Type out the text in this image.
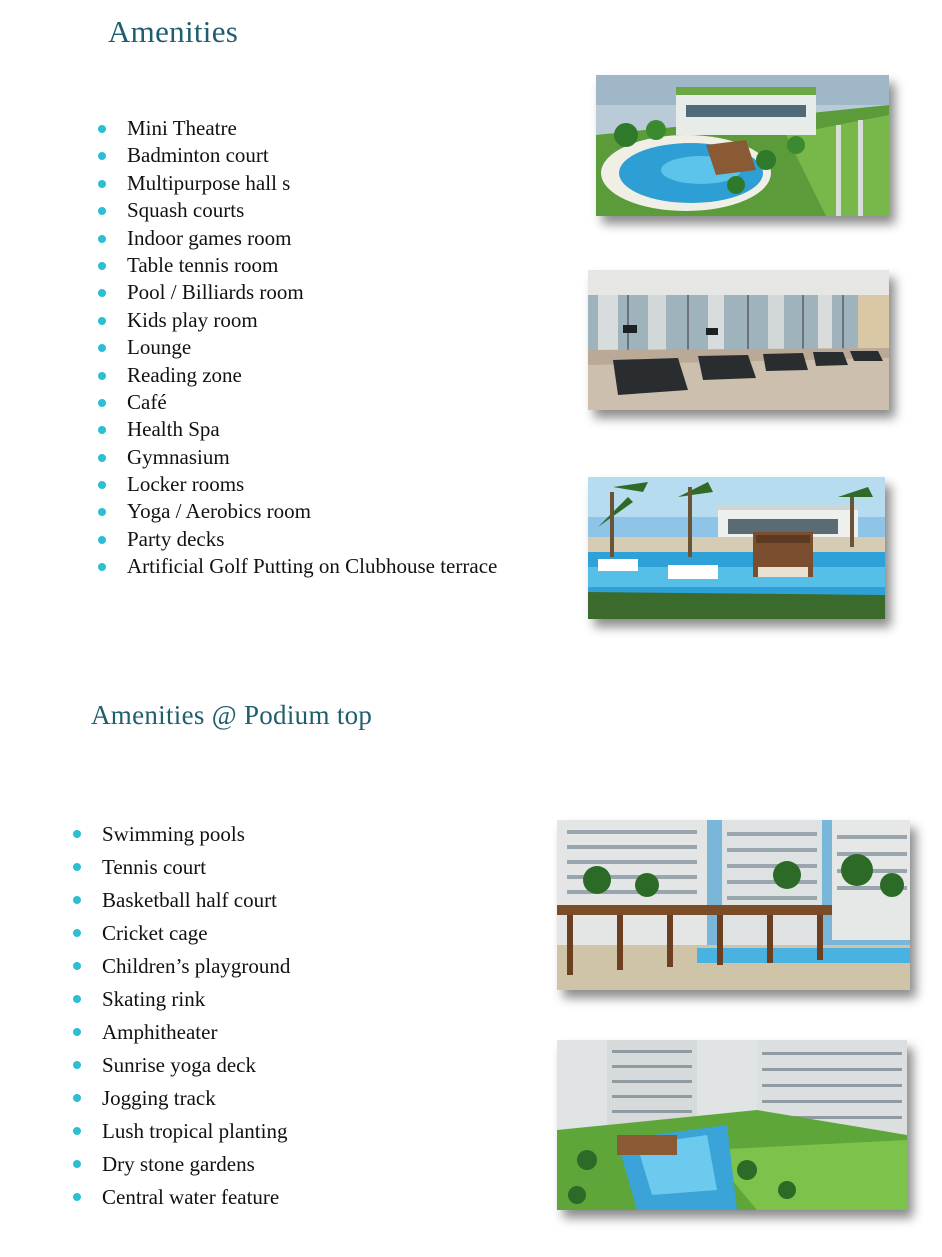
Amenities
Mini Theatre
Badminton court
Multipurpose hall s
Squash courts
Indoor games room
Table tennis room
Pool / Billiards room
Kids play room
Lounge
Reading zone
Café
Health Spa
Gymnasium
Locker rooms
Yoga / Aerobics room
Party decks
Artificial Golf Putting on Clubhouse terrace
Amenities @ Podium top
Swimming pools
Tennis court
Basketball half court
Cricket cage
Children’s playground
Skating rink
Amphitheater
Sunrise yoga deck
Jogging track
Lush tropical planting
Dry stone gardens
Central water feature
